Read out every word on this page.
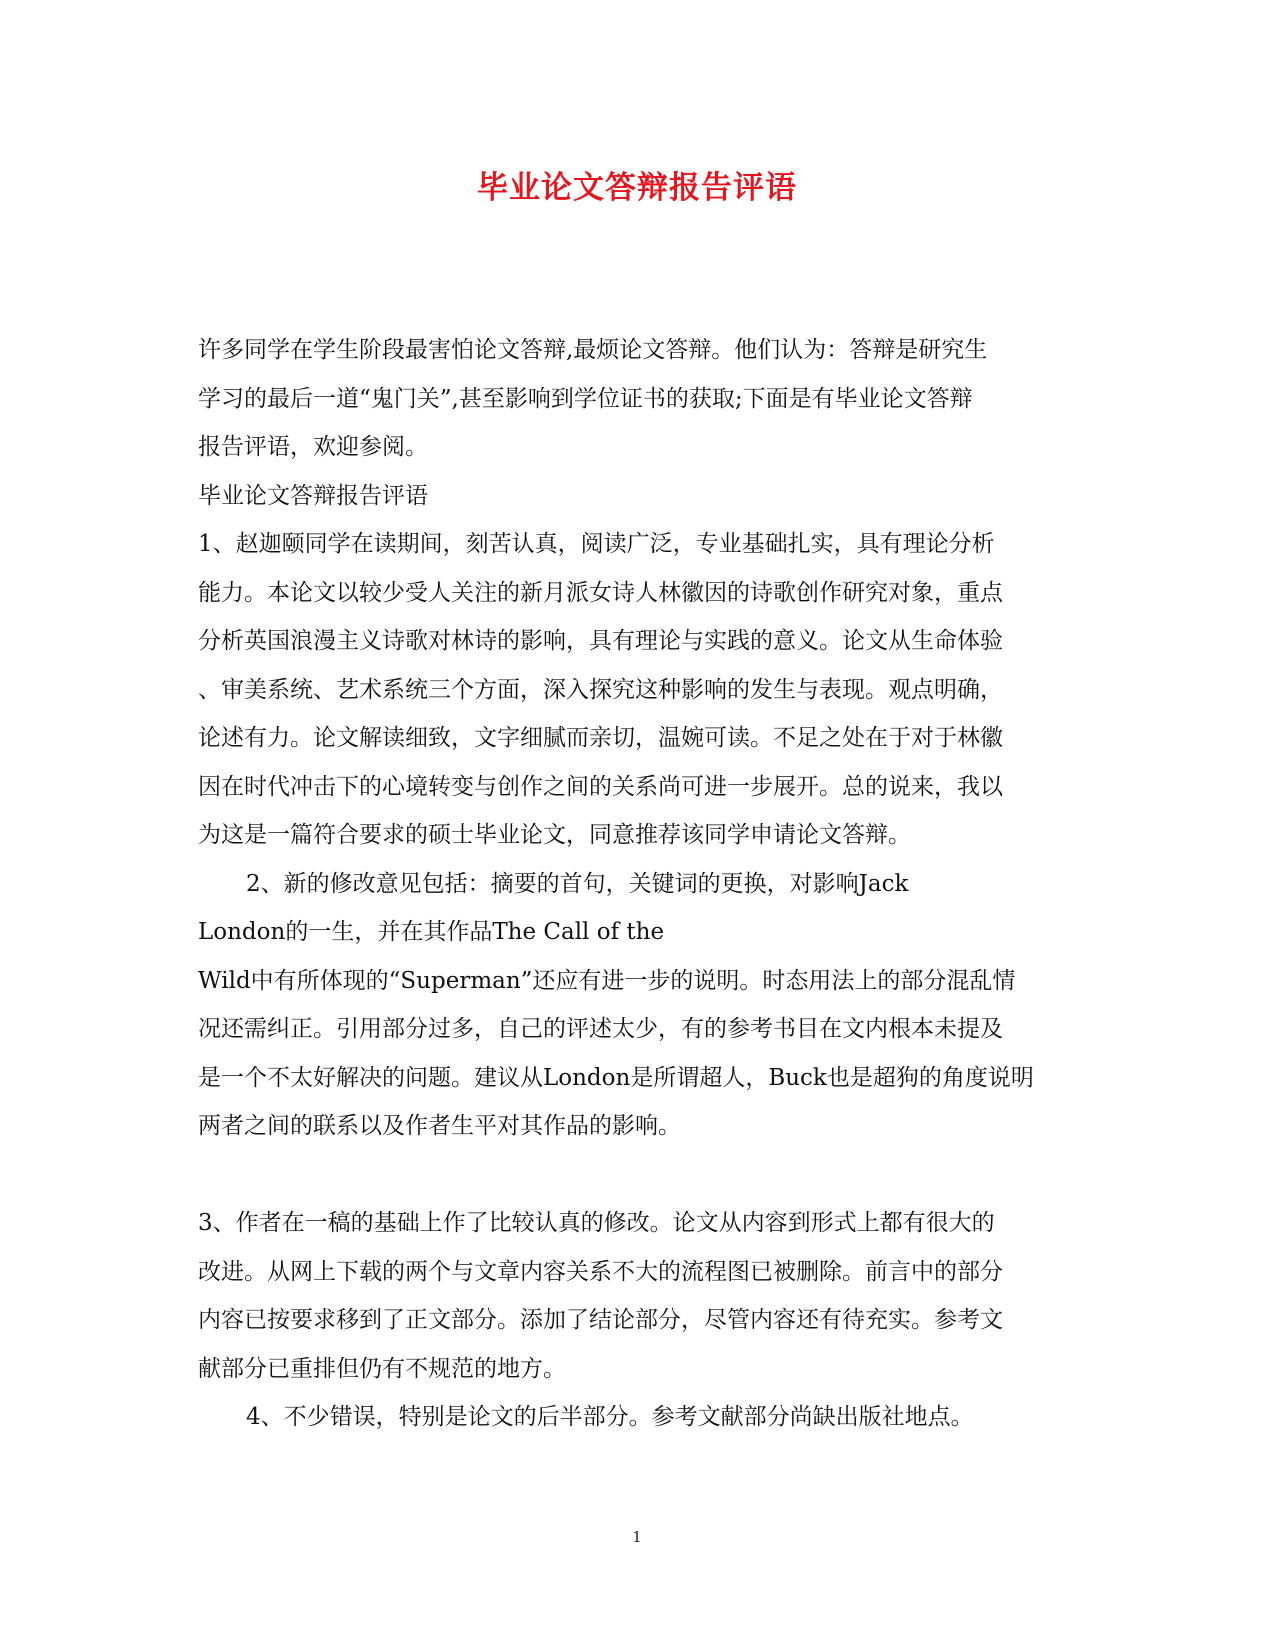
毕业论文答辩报告评语
许多同学在学生阶段最害怕论文答辩,最烦论文答辩。他们认为：答辩是研究生
学习的最后一道“鬼门关”,甚至影响到学位证书的获取;下面是有毕业论文答辩
报告评语，欢迎参阅。
毕业论文答辩报告评语
1、赵迦颐同学在读期间，刻苦认真，阅读广泛，专业基础扎实，具有理论分析
能力。本论文以较少受人关注的新月派女诗人林徽因的诗歌创作研究对象，重点
分析英国浪漫主义诗歌对林诗的影响，具有理论与实践的意义。论文从生命体验
、审美系统、艺术系统三个方面，深入探究这种影响的发生与表现。观点明确，
论述有力。论文解读细致，文字细腻而亲切，温婉可读。不足之处在于对于林徽
因在时代冲击下的心境转变与创作之间的关系尚可进一步展开。总的说来，我以
为这是一篇符合要求的硕士毕业论文，同意推荐该同学申请论文答辩。
2、新的修改意见包括：摘要的首句，关键词的更换，对影响Jack
London的一生，并在其作品The Call of the
Wild中有所体现的“Superman”还应有进一步的说明。时态用法上的部分混乱情
况还需纠正。引用部分过多，自己的评述太少，有的参考书目在文内根本未提及
是一个不太好解决的问题。建议从London是所谓超人，Buck也是超狗的角度说明
两者之间的联系以及作者生平对其作品的影响。
3、作者在一稿的基础上作了比较认真的修改。论文从内容到形式上都有很大的
改进。从网上下载的两个与文章内容关系不大的流程图已被删除。前言中的部分
内容已按要求移到了正文部分。添加了结论部分，尽管内容还有待充实。参考文
献部分已重排但仍有不规范的地方。
4、不少错误，特别是论文的后半部分。参考文献部分尚缺出版社地点。
1
